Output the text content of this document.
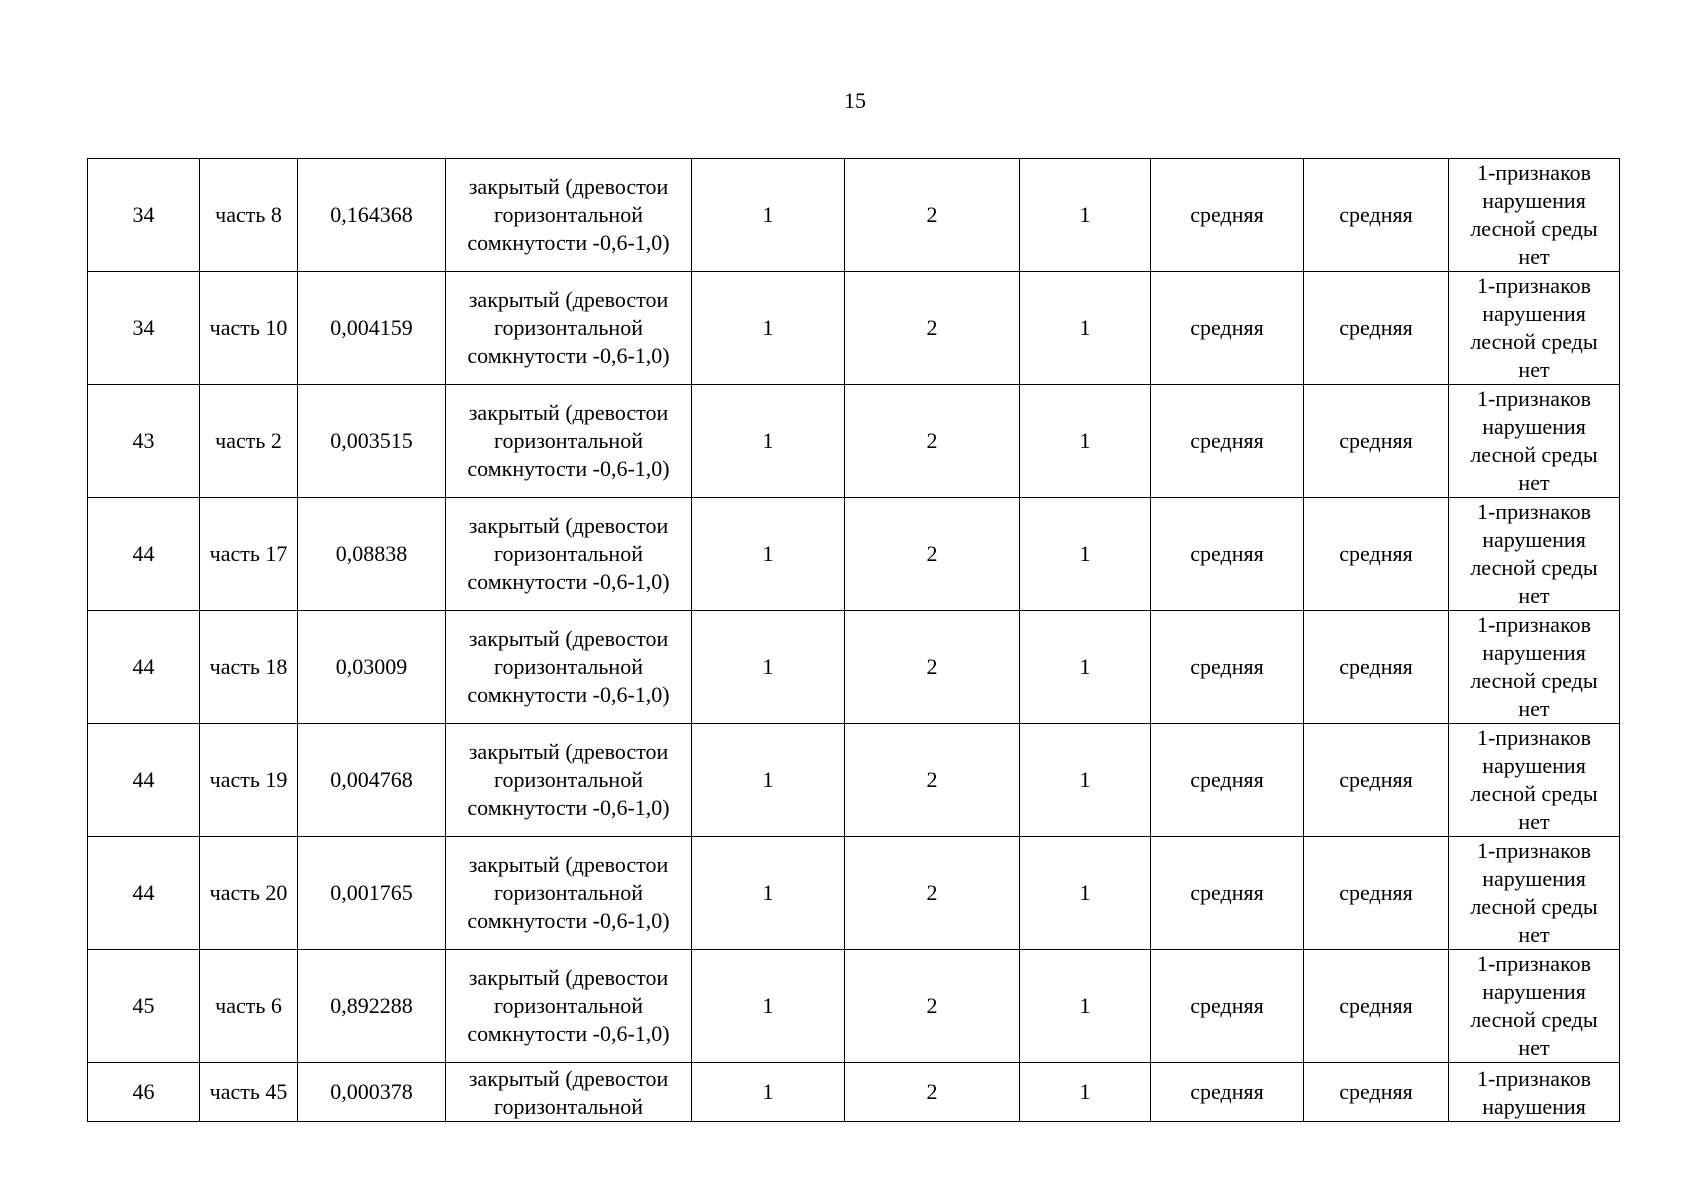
15
34	часть 8	0,164368	закрытый (древостои
горизонтальной
сомкнутости -0,6-1,0)	1	2	1	средняя	средняя	1-признаков
нарушения
лесной среды
нет

34	часть 10	0,004159	закрытый (древостои
горизонтальной
сомкнутости -0,6-1,0)	1	2	1	средняя	средняя	1-признаков
нарушения
лесной среды
нет

43	часть 2	0,003515	закрытый (древостои
горизонтальной
сомкнутости -0,6-1,0)	1	2	1	средняя	средняя	1-признаков
нарушения
лесной среды
нет

44	часть 17	0,08838	закрытый (древостои
горизонтальной
сомкнутости -0,6-1,0)	1	2	1	средняя	средняя	1-признаков
нарушения
лесной среды
нет

44	часть 18	0,03009	закрытый (древостои
горизонтальной
сомкнутости -0,6-1,0)	1	2	1	средняя	средняя	1-признаков
нарушения
лесной среды
нет

44	часть 19	0,004768	закрытый (древостои
горизонтальной
сомкнутости -0,6-1,0)	1	2	1	средняя	средняя	1-признаков
нарушения
лесной среды
нет

44	часть 20	0,001765	закрытый (древостои
горизонтальной
сомкнутости -0,6-1,0)	1	2	1	средняя	средняя	1-признаков
нарушения
лесной среды
нет

45	часть 6	0,892288	закрытый (древостои
горизонтальной
сомкнутости -0,6-1,0)	1	2	1	средняя	средняя	1-признаков
нарушения
лесной среды
нет

46	часть 45	0,000378	закрытый (древостои
горизонтальной	1	2	1	средняя	средняя	1-признаков
нарушения
